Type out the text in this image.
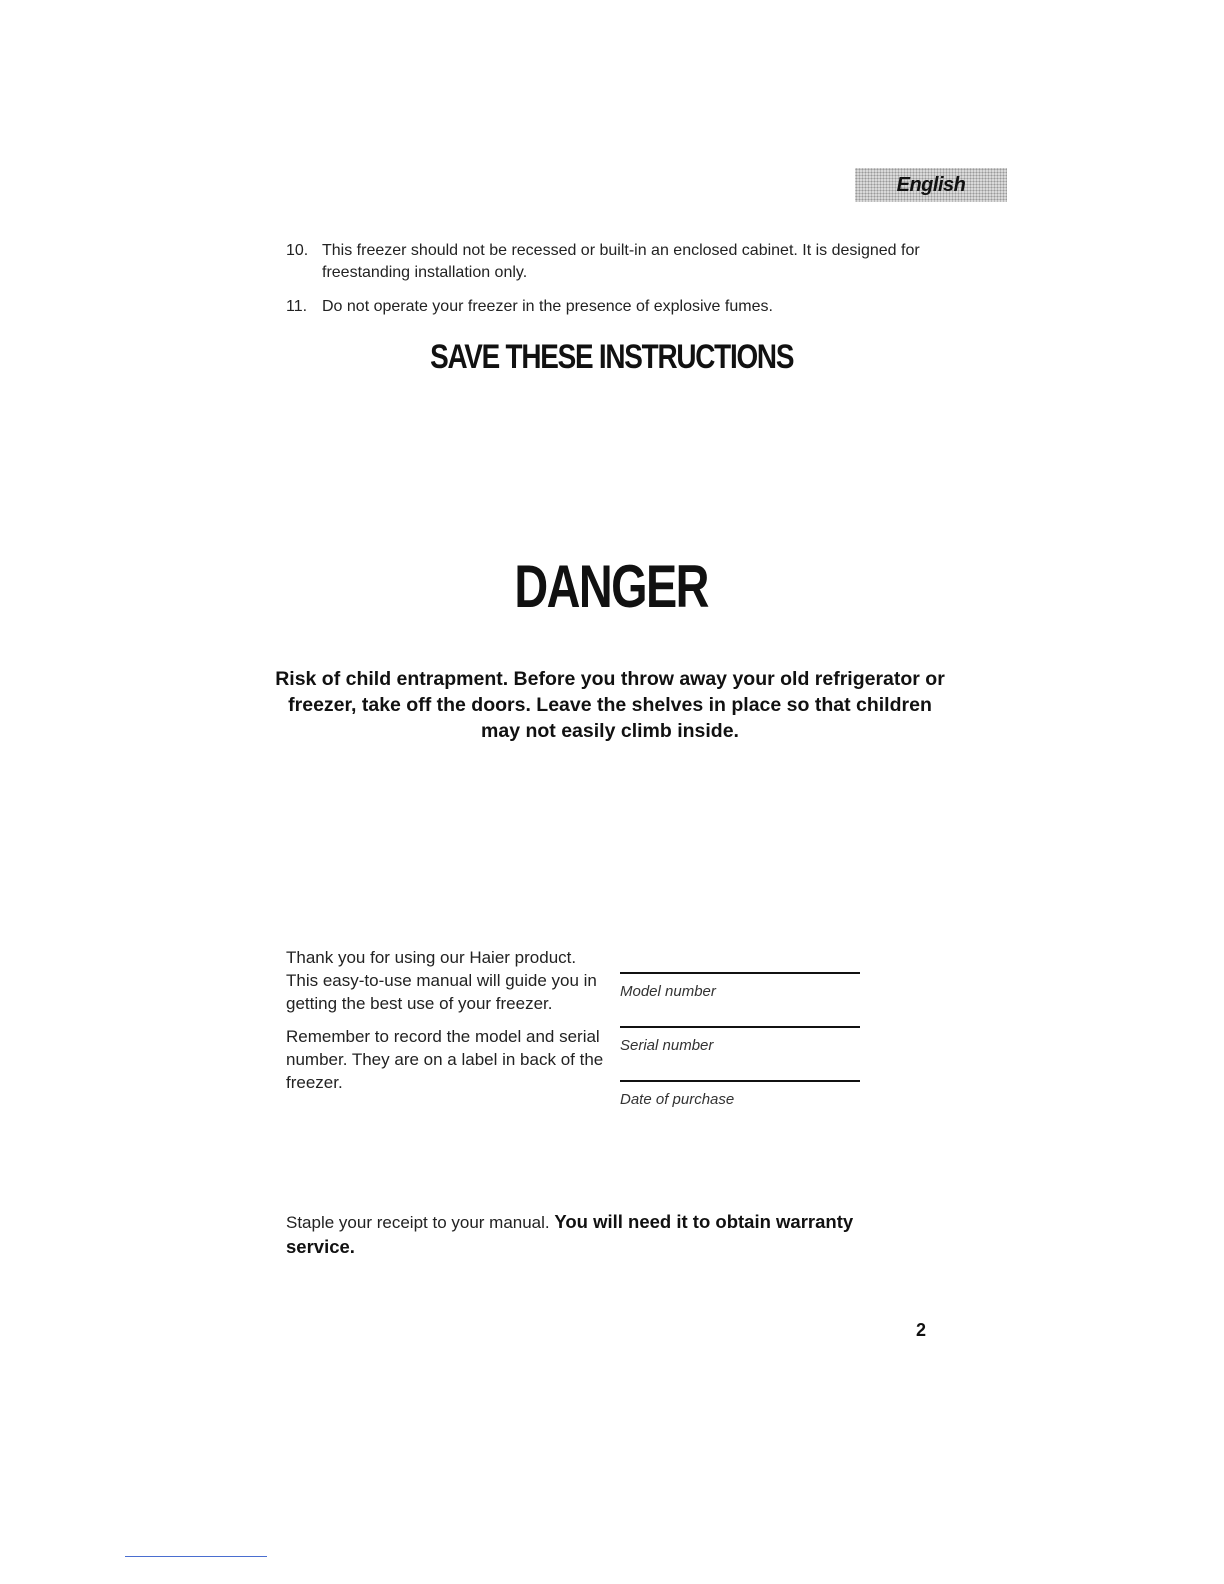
English
10. This freezer should not be recessed or built-in an enclosed cabinet. It is designed for freestanding installation only.
11. Do not operate your freezer in the presence of explosive fumes.
SAVE THESE INSTRUCTIONS
DANGER
Risk of child entrapment. Before you throw away your old refrigerator or freezer, take off the doors. Leave the shelves in place so that children may not easily climb inside.

Thank you for using our Haier product. This easy-to-use manual will guide you in getting the best use of your freezer.

Remember to record the model and serial number. They are on a label in back of the freezer.

Model number
Serial number
Date of purchase
Staple your receipt to your manual. You will need it to obtain warranty service.
2
